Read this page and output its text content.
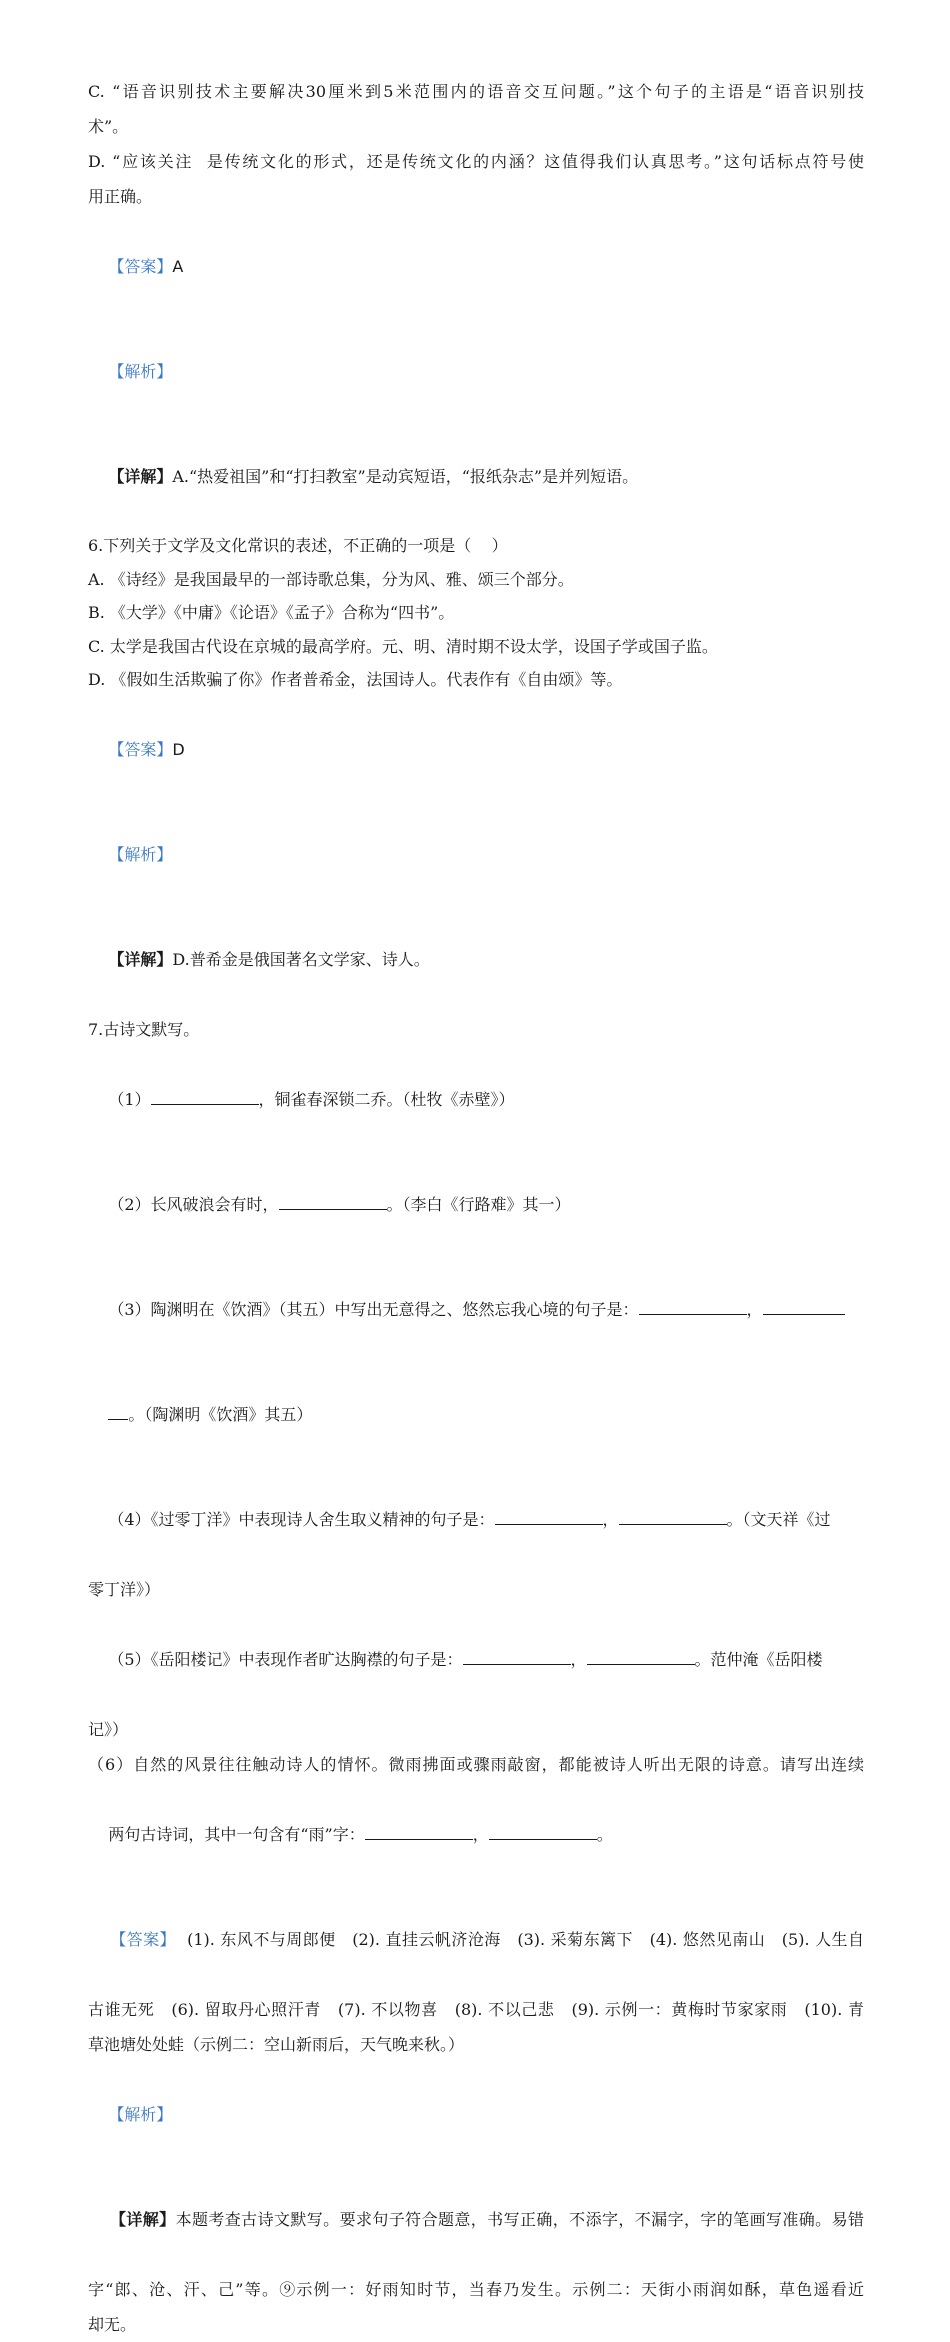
C. “语音识别技术主要解决30厘米到5米范围内的语音交互问题。”这个句子的主语是“语音识别技
术”。
D. “应该关注  是传统文化的形式，还是传统文化的内涵？这值得我们认真思考。”这句话标点符号使
用正确。

【答案】A

【解析】

【详解】A.“热爱祖国”和“打扫教室”是动宾短语，“报纸杂志”是并列短语。

6.下列关于文学及文化常识的表述，不正确的一项是（    ）
A. 《诗经》是我国最早的一部诗歌总集，分为风、雅、颂三个部分。
B. 《大学》《中庸》《论语》《孟子》合称为“四书”。
C. 太学是我国古代设在京城的最高学府。元、明、清时期不设太学，设国子学或国子监。
D. 《假如生活欺骗了你》作者普希金，法国诗人。代表作有《自由颂》等。

【答案】D

【解析】

【详解】D.普希金是俄国著名文学家、诗人。

7.古诗文默写。

（1）	，铜雀春深锁二乔。（杜牧《赤壁》）

（2）长风破浪会有时，	。（李白《行路难》其一）

（3）陶渊明在《饮酒》（其五）中写出无意得之、悠然忘我心境的句子是：	，

。（陶渊明《饮酒》其五）

（4）《过零丁洋》中表现诗人舍生取义精神的句子是：	，	。（文天祥《过

零丁洋》）

（5）《岳阳楼记》中表现作者旷达胸襟的句子是：	，	。范仲淹《岳阳楼

记》）
（6）自然的风景往往触动诗人的情怀。微雨拂面或骤雨敲窗，都能被诗人听出无限的诗意。请写出连续

两句古诗词，其中一句含有“雨”字：	，	。

【答案】  (1). 东风不与周郎便   (2). 直挂云帆济沧海   (3). 采菊东篱下   (4). 悠然见南山   (5). 人生自

古谁无死   (6). 留取丹心照汗青   (7). 不以物喜   (8). 不以己悲   (9). 示例一：黄梅时节家家雨   (10). 青
草池塘处处蛙（示例二：空山新雨后，天气晚来秋。）

【解析】

【详解】本题考查古诗文默写。要求句子符合题意，书写正确，不添字，不漏字，字的笔画写准确。易错

字“郎、沧、汗、己”等。⑨示例一：好雨知时节，当春乃发生。示例二：天街小雨润如酥，草色遥看近
却无。
